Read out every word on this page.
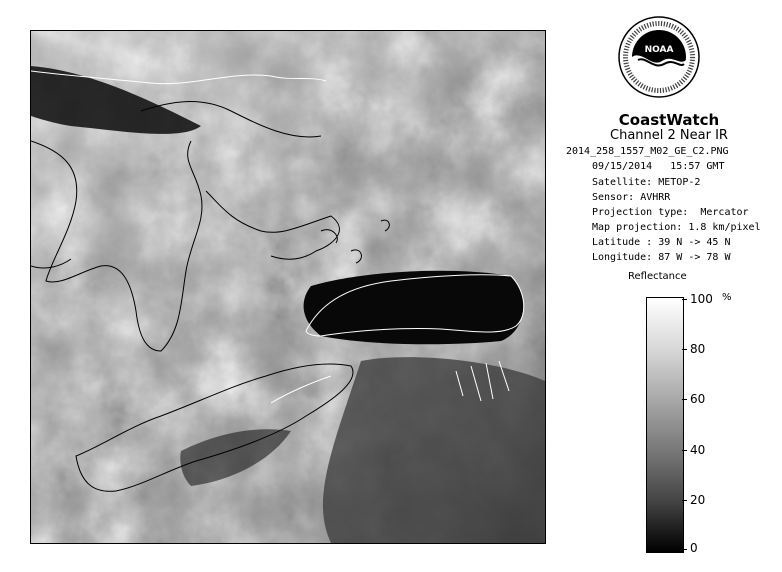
NOAA
CoastWatch
Channel 2 Near IR
2014_258_1557_M02_GE_C2.PNG
09/15/2014 15:57 GMT
Satellite: METOP-2
Sensor: AVHRR
Projection type: Mercator
Map projection: 1.8 km/pixel
Latitude : 39 N -> 45 N
Longitude: 87 W -> 78 W
Reflectance
%
100
80
60
40
20
0
